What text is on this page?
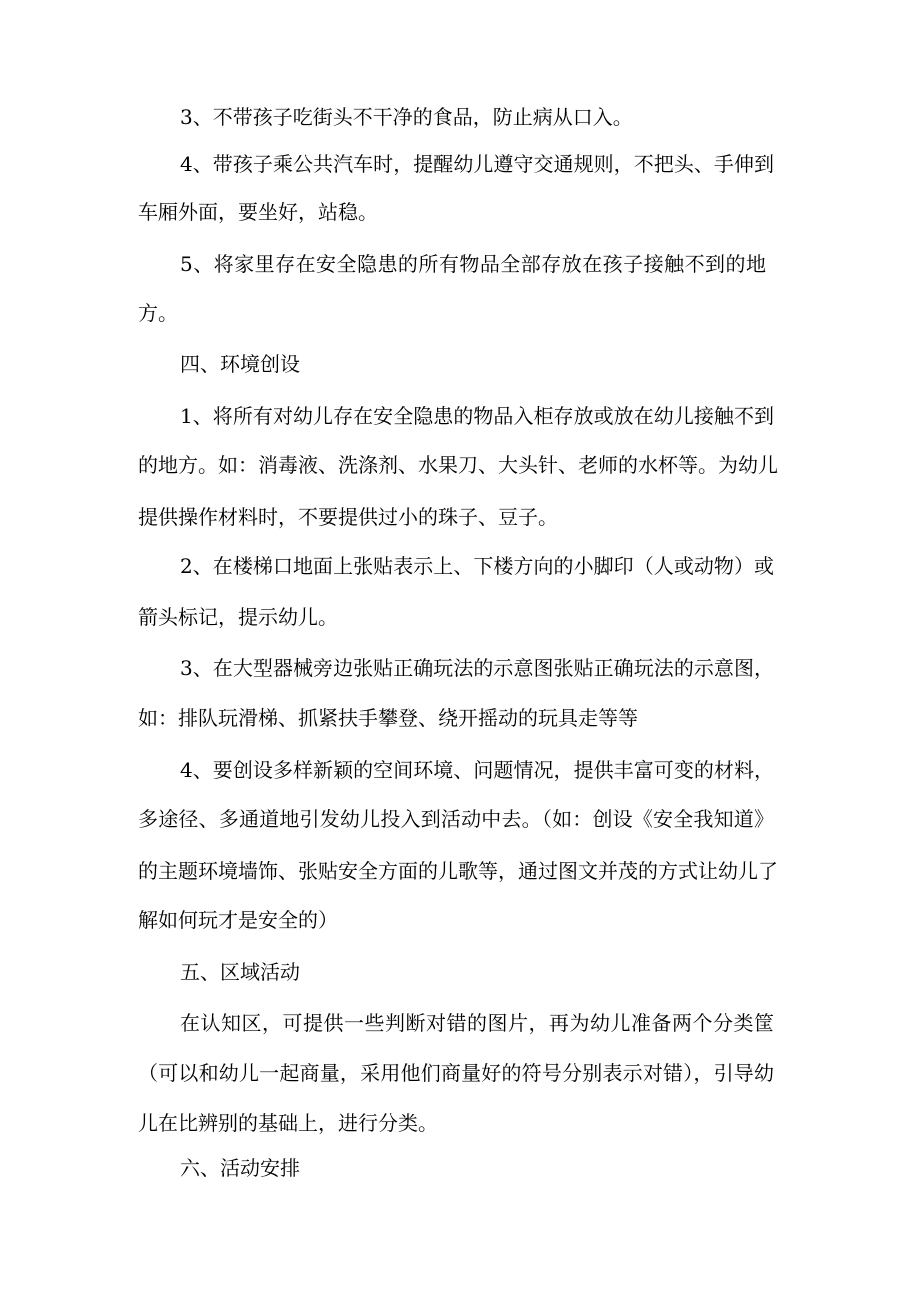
3、不带孩子吃街头不干净的食品，防止病从口入。
4、带孩子乘公共汽车时，提醒幼儿遵守交通规则，不把头、手伸到
车厢外面，要坐好，站稳。
5、将家里存在安全隐患的所有物品全部存放在孩子接触不到的地
方。
四、环境创设
1、将所有对幼儿存在安全隐患的物品入柜存放或放在幼儿接触不到
的地方。如：消毒液、洗涤剂、水果刀、大头针、老师的水杯等。为幼儿
提供操作材料时，不要提供过小的珠子、豆子。
2、在楼梯口地面上张贴表示上、下楼方向的小脚印（人或动物）或
箭头标记，提示幼儿。
3、在大型器械旁边张贴正确玩法的示意图张贴正确玩法的示意图，
如：排队玩滑梯、抓紧扶手攀登、绕开摇动的玩具走等等
4、要创设多样新颖的空间环境、问题情况，提供丰富可变的材料，
多途径、多通道地引发幼儿投入到活动中去。（如：创设《安全我知道》
的主题环境墙饰、张贴安全方面的儿歌等，通过图文并茂的方式让幼儿了
解如何玩才是安全的）
五、区域活动
在认知区，可提供一些判断对错的图片，再为幼儿准备两个分类筐
（可以和幼儿一起商量，采用他们商量好的符号分别表示对错），引导幼
儿在比辨别的基础上，进行分类。
六、活动安排
